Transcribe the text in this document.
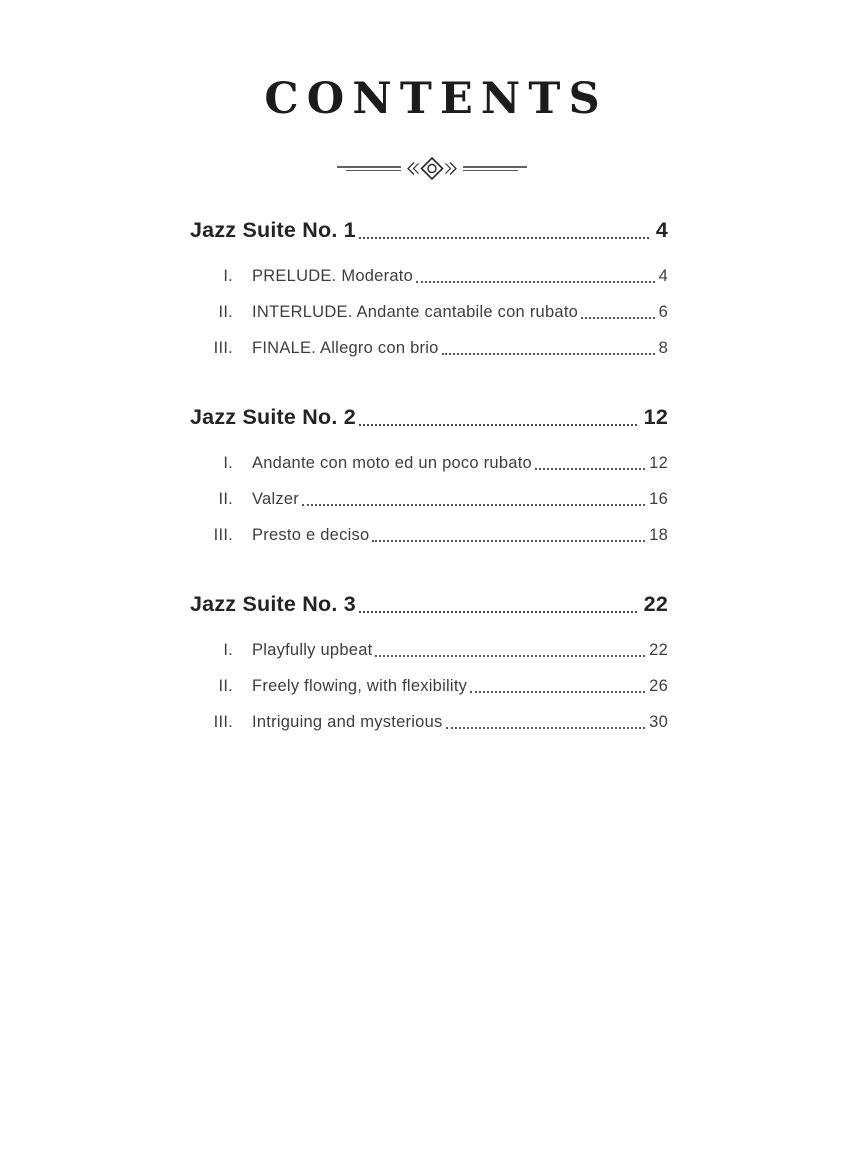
CONTENTS
Jazz Suite No. 1	4
I. PRELUDE. Moderato	4
II. INTERLUDE. Andante cantabile con rubato	6
III. FINALE. Allegro con brio	8
Jazz Suite No. 2	12
I. Andante con moto ed un poco rubato	12
II. Valzer	16
III. Presto e deciso	18
Jazz Suite No. 3	22
I. Playfully upbeat	22
II. Freely flowing, with flexibility	26
III. Intriguing and mysterious	30
